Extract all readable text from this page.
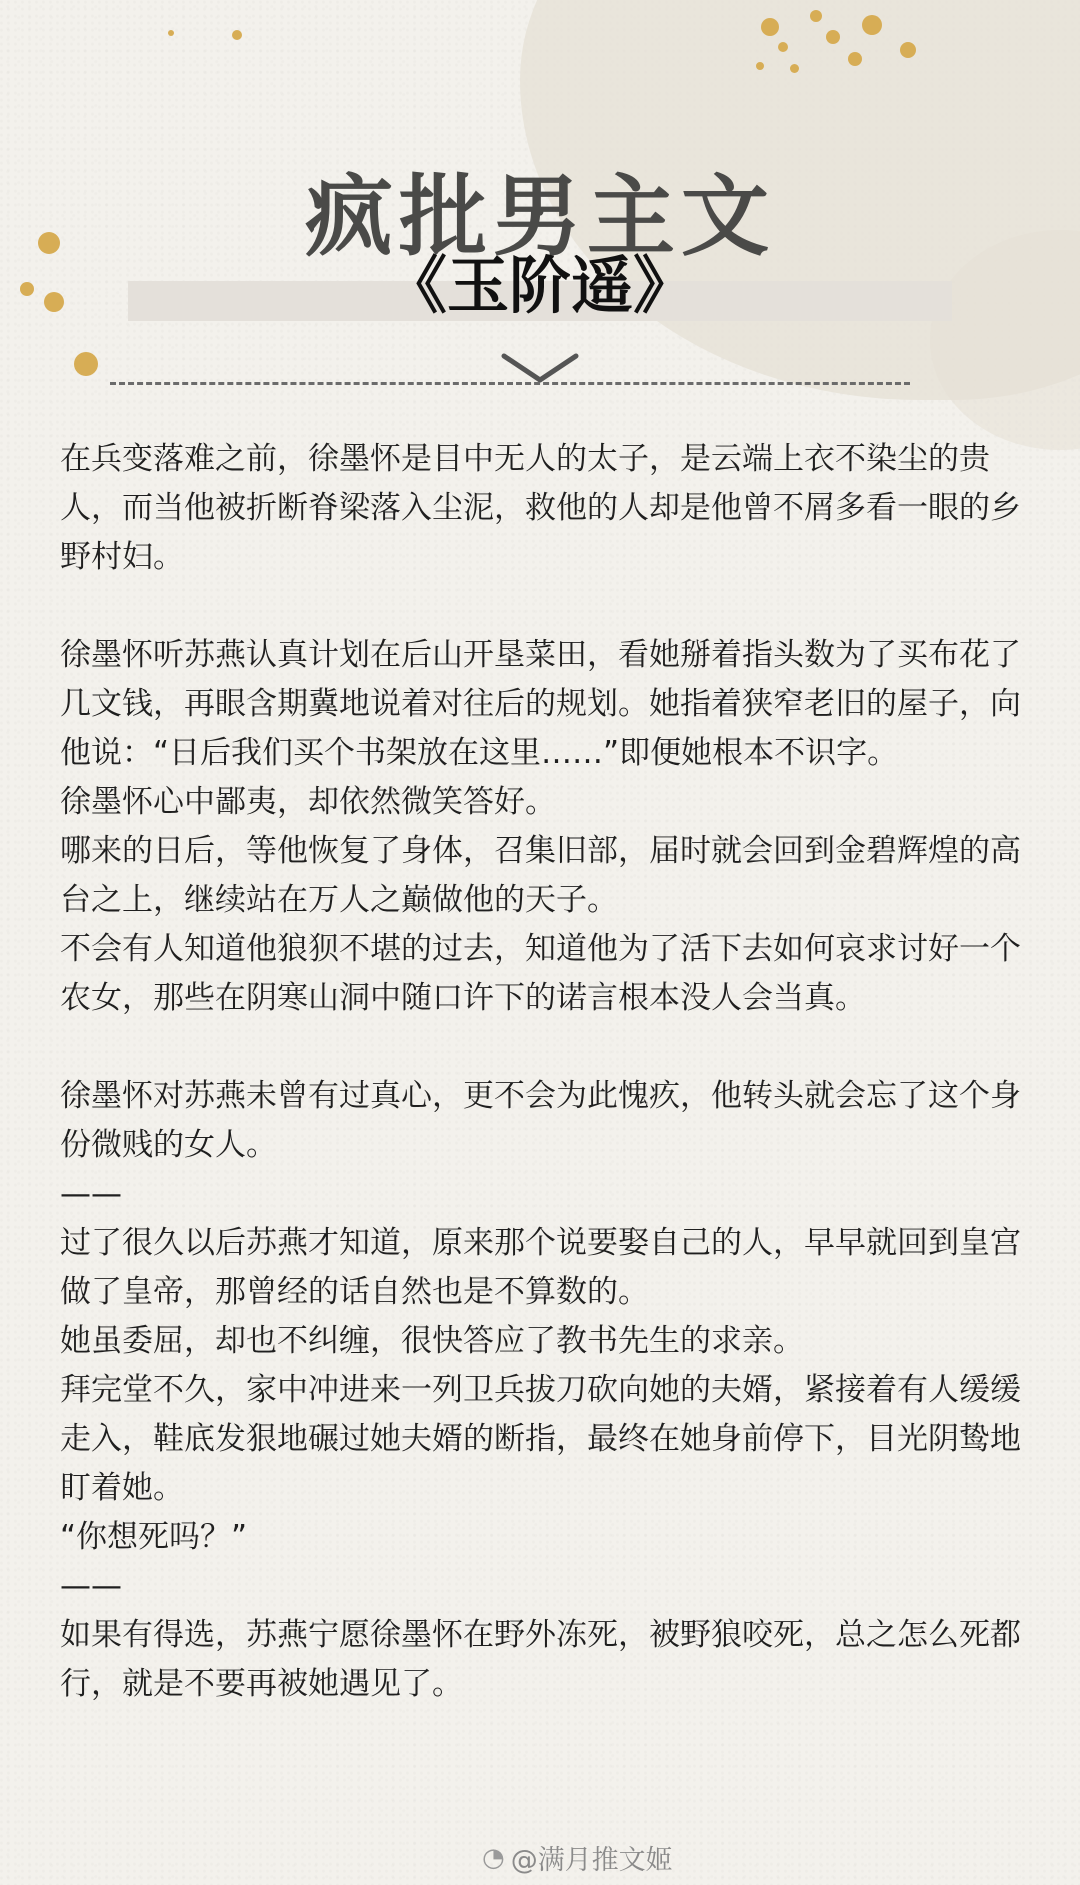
疯批男主文
《玉阶遥》

在兵变落难之前，徐墨怀是目中无人的太子，是云端上衣不染尘的贵人，而当他被折断脊梁落入尘泥，救他的人却是他曾不屑多看一眼的乡野村妇。

徐墨怀听苏燕认真计划在后山开垦菜田，看她掰着指头数为了买布花了几文钱，再眼含期冀地说着对往后的规划。她指着狭窄老旧的屋子，向他说：“日后我们买个书架放在这里……”即便她根本不识字。

徐墨怀心中鄙夷，却依然微笑答好。

哪来的日后，等他恢复了身体，召集旧部，届时就会回到金碧辉煌的高台之上，继续站在万人之巅做他的天子。

不会有人知道他狼狈不堪的过去，知道他为了活下去如何哀求讨好一个农女，那些在阴寒山洞中随口许下的诺言根本没人会当真。

徐墨怀对苏燕未曾有过真心，更不会为此愧疚，他转头就会忘了这个身份微贱的女人。

——

过了很久以后苏燕才知道，原来那个说要娶自己的人，早早就回到皇宫做了皇帝，那曾经的话自然也是不算数的。

她虽委屈，却也不纠缠，很快答应了教书先生的求亲。

拜完堂不久，家中冲进来一列卫兵拔刀砍向她的夫婿，紧接着有人缓缓走入，鞋底发狠地碾过她夫婿的断指，最终在她身前停下，目光阴鸷地盯着她。

“你想死吗？”

——

如果有得选，苏燕宁愿徐墨怀在野外冻死，被野狼咬死，总之怎么死都行，就是不要再被她遇见了。

◔ @满月推文姬
